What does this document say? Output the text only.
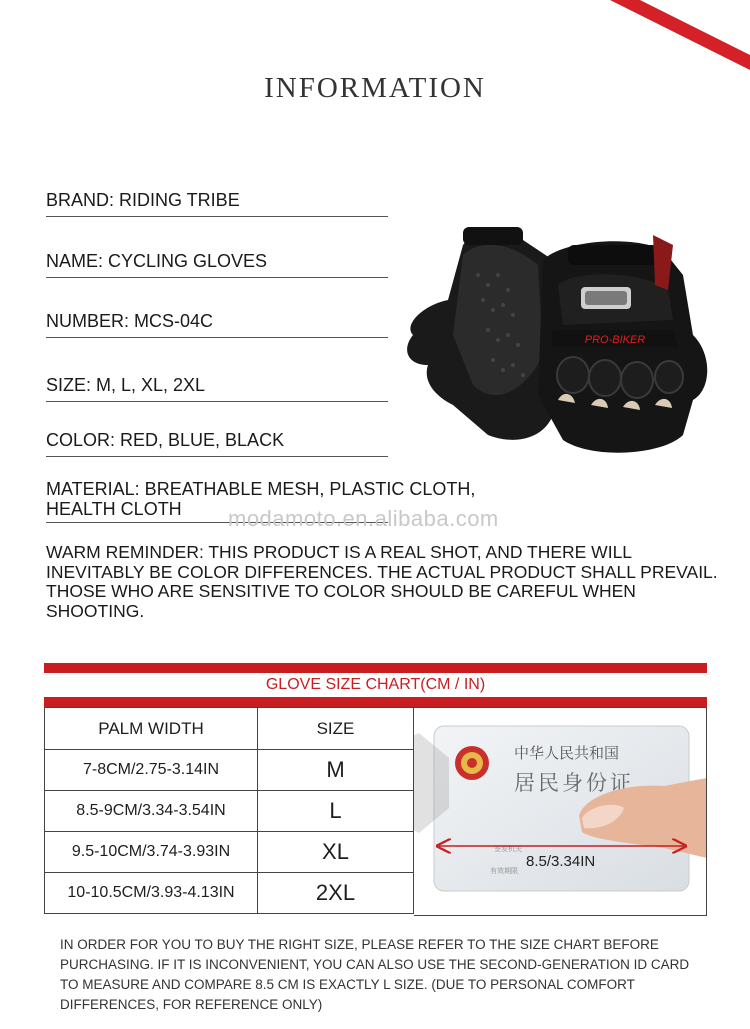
INFORMATION
BRAND: RIDING TRIBE
NAME: CYCLING GLOVES
NUMBER: MCS-04C
SIZE: M, L, XL, 2XL
COLOR: RED, BLUE, BLACK
MATERIAL: BREATHABLE MESH, PLASTIC CLOTH,
HEALTH CLOTH
PRO-BIKER
modamoto.en.alibaba.com
WARM REMINDER: THIS PRODUCT IS A REAL SHOT, AND THERE WILL INEVITABLY BE COLOR DIFFERENCES. THE ACTUAL PRODUCT SHALL PREVAIL. THOSE WHO ARE SENSITIVE TO COLOR SHOULD BE CAREFUL WHEN SHOOTING.
GLOVE SIZE CHART(CM / IN)
PALM WIDTH	SIZE
7-8CM/2.75-3.14IN	M
8.5-9CM/3.34-3.54IN	L
9.5-10CM/3.74-3.93IN	XL
10-10.5CM/3.93-4.13IN	2XL
中华人民共和国
居民身份证
签发机关
有效期限
8.5/3.34IN
IN ORDER FOR YOU TO BUY THE RIGHT SIZE, PLEASE REFER TO THE SIZE CHART BEFORE PURCHASING. IF IT IS INCONVENIENT, YOU CAN ALSO USE THE SECOND-GENERATION ID CARD TO MEASURE AND COMPARE 8.5 CM IS EXACTLY L SIZE. (DUE TO PERSONAL COMFORT DIFFERENCES, FOR REFERENCE ONLY)
